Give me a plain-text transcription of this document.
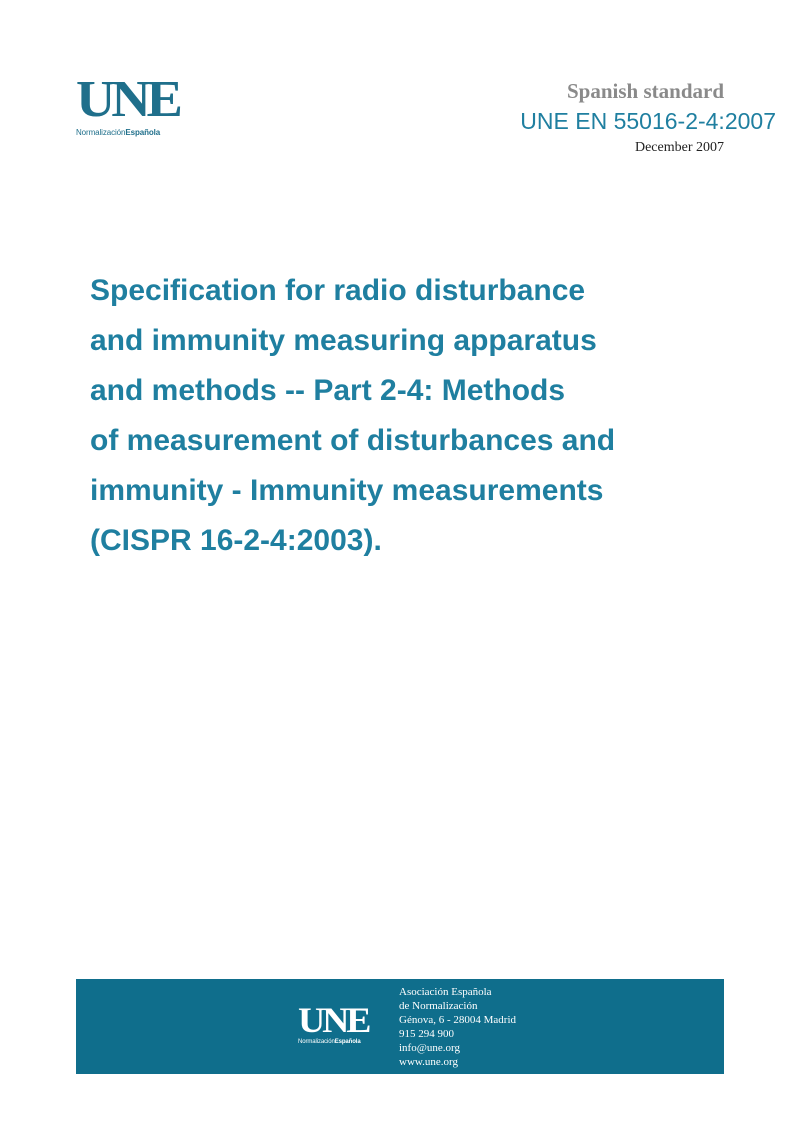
UNE
NormalizaciónEspañola
Spanish standard
UNE EN 55016-2-4:2007
December 2007
Specification for radio disturbance
and immunity measuring apparatus
and methods -- Part 2-4: Methods
of measurement of disturbances and
immunity - Immunity measurements
(CISPR 16-2-4:2003).
UNE
NormalizaciónEspañola
Asociación Española
de Normalización
Génova, 6 - 28004 Madrid
915 294 900
info@une.org
www.une.org
